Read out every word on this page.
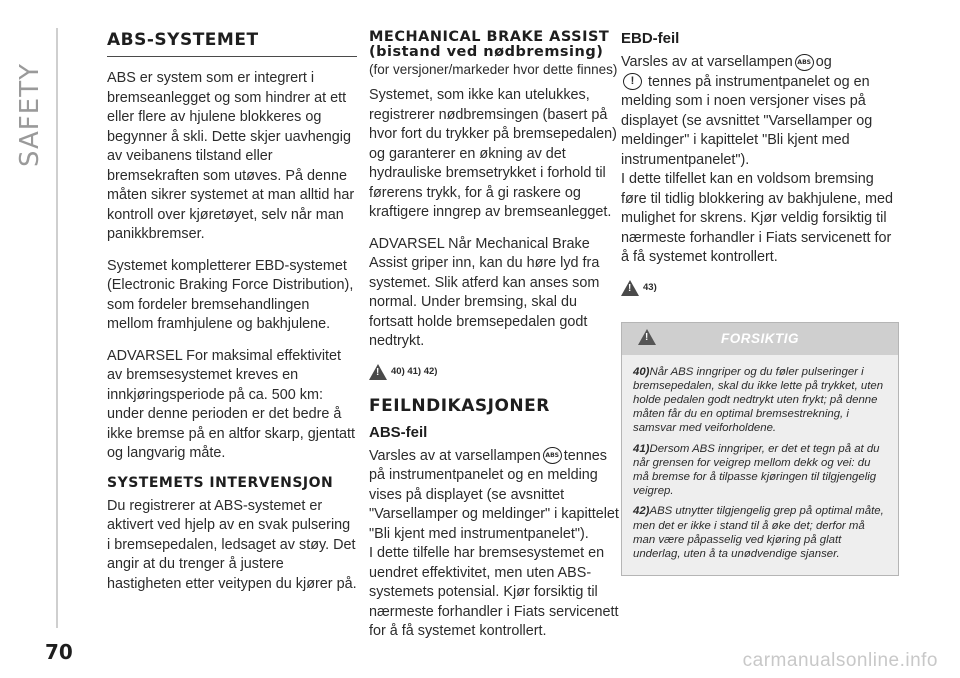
SAFETY
ABS-SYSTEMET

ABS er system som er integrert i bremseanlegget og som hindrer at ett eller flere av hjulene blokkeres og begynner å skli. Dette skjer uavhengig av veibanens tilstand eller bremsekraften som utøves. På denne måten sikrer systemet at man alltid har kontroll over kjøretøyet, selv når man panikkbremser.

Systemet kompletterer EBD-systemet (Electronic Braking Force Distribution), som fordeler bremsehandlingen mellom framhjulene og bakhjulene.

ADVARSEL For maksimal effektivitet av bremsesystemet kreves en innkjøringsperiode på ca. 500 km: under denne perioden er det bedre å ikke bremse på en altfor skarp, gjentatt og langvarig måte.

SYSTEMETS INTERVENSJON

Du registrerer at ABS-systemet er aktivert ved hjelp av en svak pulsering i bremsepedalen, ledsaget av støy. Det angir at du trenger å justere hastigheten etter veitypen du kjører på.

MECHANICAL BRAKE ASSIST (bistand ved nødbremsing)

(for versjoner/markeder hvor dette finnes)

Systemet, som ikke kan utelukkes, registrerer nødbremsingen (basert på hvor fort du trykker på bremsepedalen) og garanterer en økning av det hydrauliske bremsetrykket i forhold til førerens trykk, for å gi raskere og kraftigere inngrep av bremseanlegget.

ADVARSEL Når Mechanical Brake Assist griper inn, kan du høre lyd fra systemet. Slik atferd kan anses som normal. Under bremsing, skal du fortsatt holde bremsepedalen godt nedtrykt.

!
40) 41) 42)
FEILNDIKASJONER
ABS-feil

Varsles av at varsellampen ABS tennes på instrumentpanelet og en melding vises på displayet (se avsnittet "Varsellamper og meldinger" i kapittelet "Bli kjent med instrumentpanelet").

I dette tilfelle har bremsesystemet en uendret effektivitet, men uten ABS-systemets potensial. Kjør forsiktig til nærmeste forhandler i Fiats servicenett for å få systemet kontrollert.

EBD-feil

Varsles av at varsellampen ABS og
! tennes på instrumentpanelet og en melding som i noen versjoner vises på displayet (se avsnittet "Varsellamper og meldinger" i kapittelet "Bli kjent med instrumentpanelet").

I dette tilfellet kan en voldsom bremsing føre til tidlig blokkering av bakhjulene, med mulighet for skrens. Kjør veldig forsiktig til nærmeste forhandler i Fiats servicenett for å få systemet kontrollert.

!
43)
!
FORSIKTIG

40)Når ABS inngriper og du føler pulseringer i bremsepedalen, skal du ikke lette på trykket, uten holde pedalen godt nedtrykt uten frykt; på denne måten får du en optimal bremsestrekning, i samsvar med veiforholdene.

41)Dersom ABS inngriper, er det et tegn på at du når grensen for veigrep mellom dekk og vei: du må bremse for å tilpasse kjøringen til tilgjengelig veigrep.

42)ABS utnytter tilgjengelig grep på optimal måte, men det er ikke i stand til å øke det; derfor må man være påpasselig ved kjøring på glatt underlag, uten å ta unødvendige sjanser.

70	carmanualsonline.info
